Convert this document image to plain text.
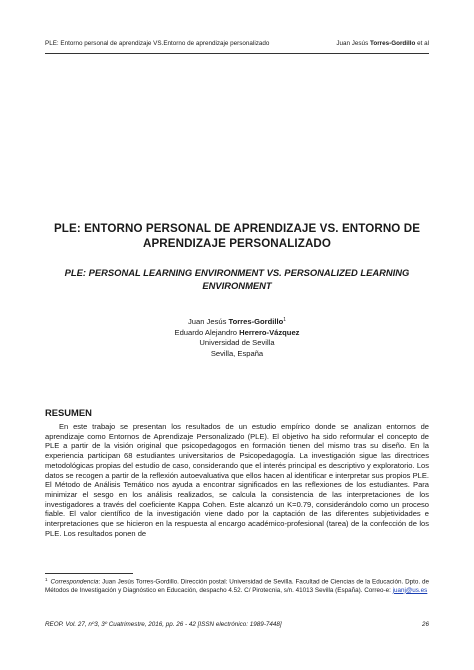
PLE: Entorno personal de aprendizaje VS.Entorno de aprendizaje personalizado	Juan Jesús Torres-Gordillo et al
PLE: ENTORNO PERSONAL DE APRENDIZAJE VS. ENTORNO DE APRENDIZAJE PERSONALIZADO
PLE: PERSONAL LEARNING ENVIRONMENT VS. PERSONALIZED LEARNING ENVIRONMENT
Juan Jesús Torres-Gordillo$^1$
Eduardo Alejandro Herrero-Vázquez
Universidad de Sevilla
Sevilla, España
RESUMEN

En este trabajo se presentan los resultados de un estudio empírico donde se analizan entornos de aprendizaje como Entornos de Aprendizaje Personalizado (PLE). El objetivo ha sido reformular el concepto de PLE a partir de la visión original que psicopedagogos en formación tienen del mismo tras su diseño. En la experiencia participan 68 estudiantes universitarios de Psicopedagogía. La investigación sigue las directrices metodológicas propias del estudio de caso, considerando que el interés principal es descriptivo y exploratorio. Los datos se recogen a partir de la reflexión autoevaluativa que ellos hacen al identificar e interpretar sus propios PLE. El Método de Análisis Temático nos ayuda a encontrar significados en las reflexiones de los estudiantes. Para minimizar el sesgo en los análisis realizados, se calcula la consistencia de las interpretaciones de los investigadores a través del coeficiente Kappa Cohen. Este alcanzó un K=0.79, considerándolo como un proceso fiable. El valor científico de la investigación viene dado por la captación de las diferentes subjetividades e interpretaciones que se hicieron en la respuesta al encargo académico-profesional (tarea) de la confección de los PLE. Los resultados ponen de

$^1$ Correspondencia: Juan Jesús Torres-Gordillo. Dirección postal: Universidad de Sevilla. Facultad de Ciencias de la Educación. Dpto. de Métodos de Investigación y Diagnóstico en Educación, despacho 4.52. C/ Pirotecnia, s/n. 41013 Sevilla (España). Correo-e: juanj@us.es
REOP. Vol. 27, nº3, 3º Cuatrimestre, 2016, pp. 26 - 42 [ISSN electrónico: 1989-7448]	26
